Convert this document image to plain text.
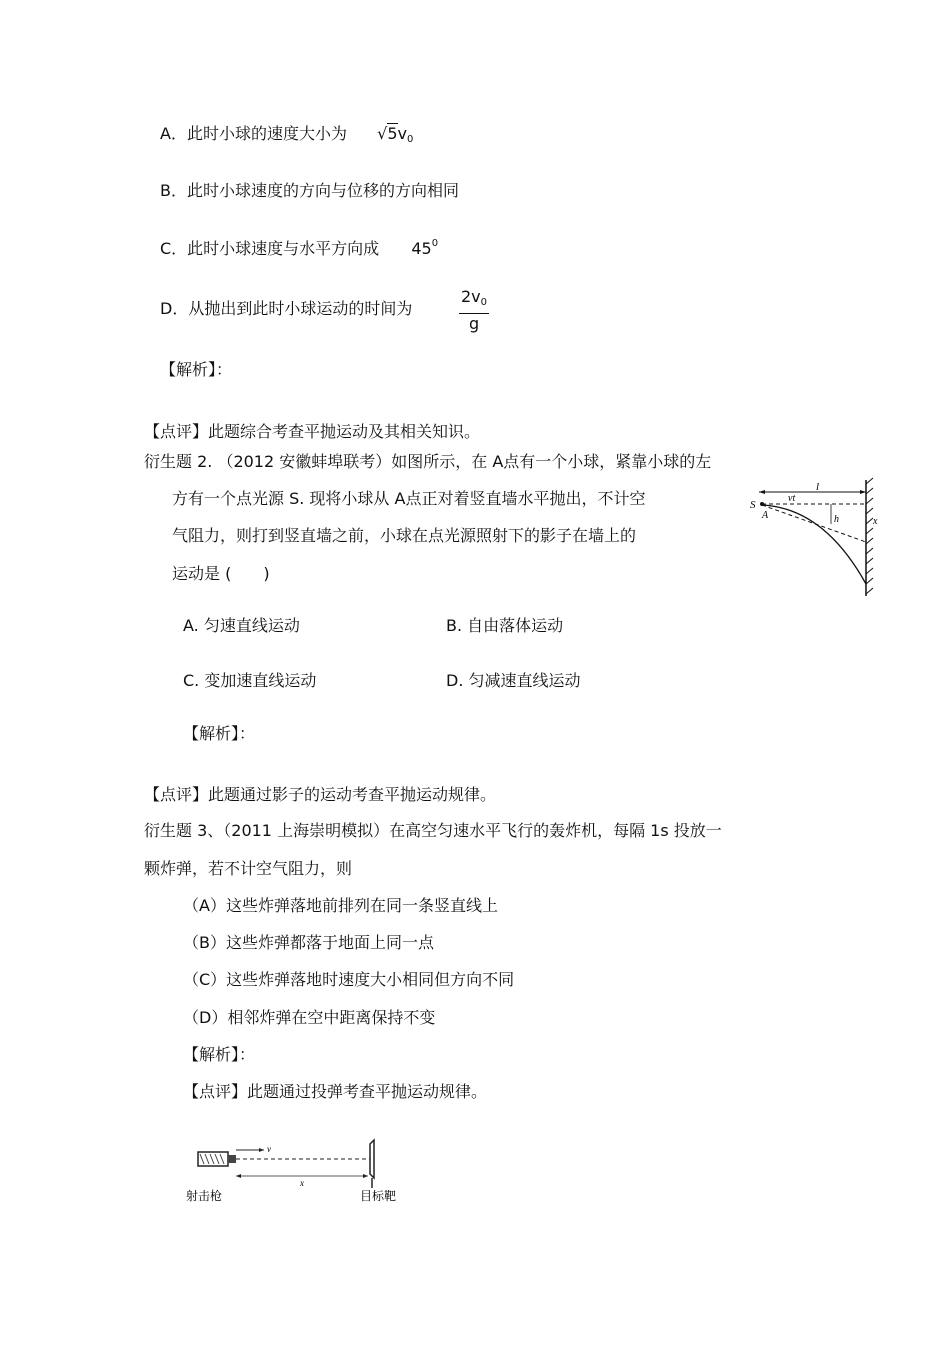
A．此时小球的速度大小为 $√5v_0$
B．此时小球速度的方向与位移的方向相同
C．此时小球速度与水平方向成 $45^0$
D．从抛出到此时小球运动的时间为	$\frac{2v_0}{g}$
【解析】：
【点评】此题综合考查平抛运动及其相关知识。
衍生题 2. （2012 安徽蚌埠联考）如图所示，在 A点有一个小球，紧靠小球的左
方有一个点光源 S. 现将小球从 A点正对着竖直墙水平抛出，不计空
气阻力，则打到竖直墙之前，小球在点光源照射下的影子在墙上的
运动是 (　　)
S
A
vt
l
h	x
A. 匀速直线运动	B. 自由落体运动
C. 变加速直线运动	D. 匀减速直线运动
【解析】：
【点评】此题通过影子的运动考查平抛运动规律。
衍生题 3、（2011 上海崇明模拟）在高空匀速水平飞行的轰炸机，每隔 1s 投放一
颗炸弹，若不计空气阻力，则
（A）这些炸弹落地前排列在同一条竖直线上
（B）这些炸弹都落于地面上同一点
（C）这些炸弹落地时速度大小相同但方向不同
（D）相邻炸弹在空中距离保持不变
【解析】：
【点评】此题通过投弹考查平抛运动规律。
v
x
射击枪	目标靶
